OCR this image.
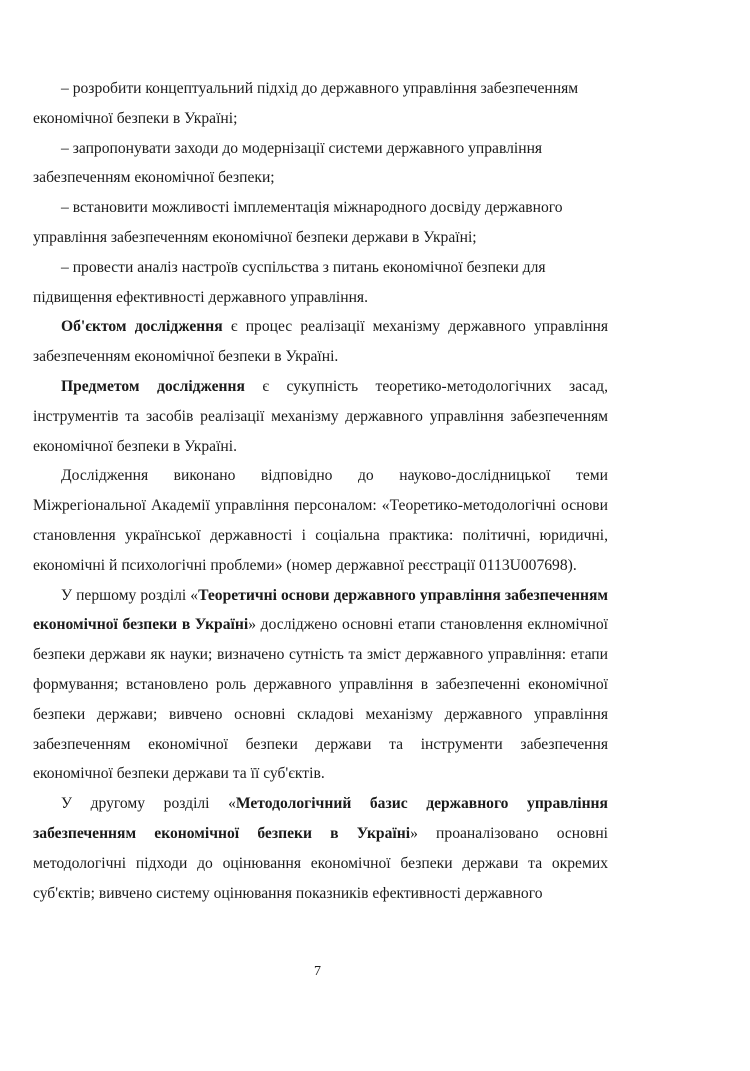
– розробити концептуальний підхід до державного управління забезпеченням економічної безпеки в Україні;

– запропонувати заходи до модернізації системи державного управління забезпеченням економічної безпеки;

– встановити можливості імплементація міжнародного досвіду державного управління забезпеченням економічної безпеки держави в Україні;

– провести аналіз настроїв суспільства з питань економічної безпеки для підвищення ефективності державного управління.

Об'єктом дослідження є процес реалізації механізму державного управління забезпеченням економічної безпеки в Україні.

Предметом дослідження є сукупність теоретико-методологічних засад, інструментів та засобів реалізації механізму державного управління забезпеченням економічної безпеки в Україні.

Дослідження виконано відповідно до науково-дослідницької теми Міжрегіональної Академії управління персоналом: «Теоретико-методологічні основи становлення української державності і соціальна практика: політичні, юридичні, економічні й психологічні проблеми» (номер державної реєстрації 0113U007698).

У першому розділі «Теоретичні основи державного управління забезпеченням економічної безпеки в Україні» досліджено основні етапи становлення еклномічної безпеки держави як науки; визначено сутність та зміст державного управління: етапи формування; встановлено роль державного управління в забезпеченні економічної безпеки держави; вивчено основні складові механізму державного управління забезпеченням економічної безпеки держави та інструменти забезпечення економічної безпеки держави та її суб'єктів.

У другому розділі «Методологічний базис державного управління забезпеченням економічної безпеки в Україні» проаналізовано основні методологічні підходи до оцінювання економічної безпеки держави та окремих суб'єктів; вивчено систему оцінювання показників ефективності державного

7
